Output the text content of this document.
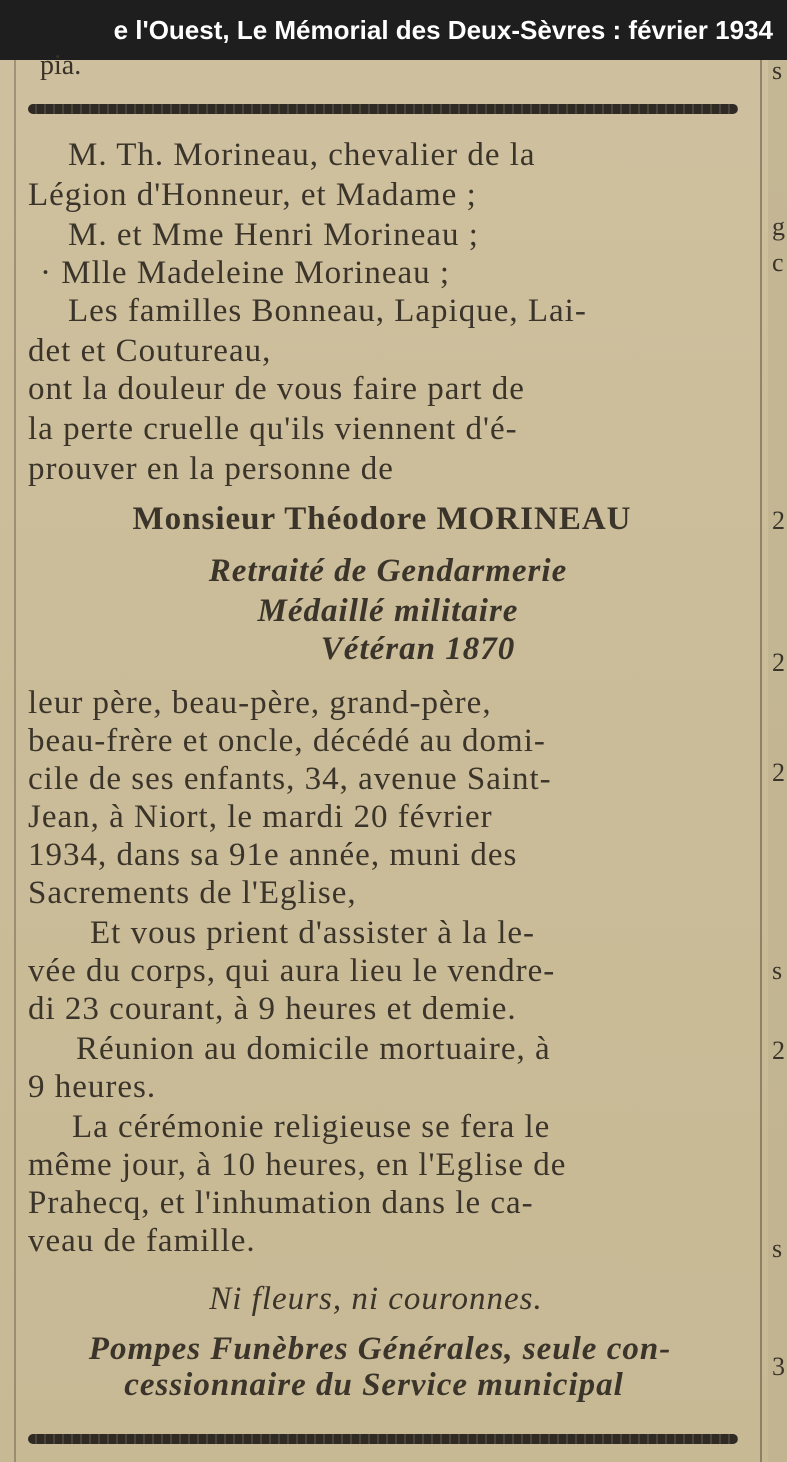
e l'Ouest, Le Mémorial des Deux-Sèvres : février 1934
s
g
c
2
2
2
s
2
s
3
pia.
M. Th. Morineau, chevalier de la
Légion d'Honneur, et Madame ;
M. et Mme Henri Morineau ;
· Mlle Madeleine Morineau ;
Les familles Bonneau, Lapique, Lai-
det et Coutureau,
ont la douleur de vous faire part de
la perte cruelle qu'ils viennent d'é-
prouver en la personne de
Monsieur Théodore MORINEAU
Retraité de Gendarmerie
Médaillé militaire
Vétéran 1870
leur père, beau-père, grand-père,
beau-frère et oncle, décédé au domi-
cile de ses enfants, 34, avenue Saint-
Jean, à Niort, le mardi 20 février
1934, dans sa 91e année, muni des
Sacrements de l'Eglise,
Et vous prient d'assister à la le-
vée du corps, qui aura lieu le vendre-
di 23 courant, à 9 heures et demie.
Réunion au domicile mortuaire, à
9 heures.
La cérémonie religieuse se fera le
même jour, à 10 heures, en l'Eglise de
Prahecq, et l'inhumation dans le ca-
veau de famille.
Ni fleurs, ni couronnes.
Pompes Funèbres Générales, seule con-
cessionnaire du Service municipal
